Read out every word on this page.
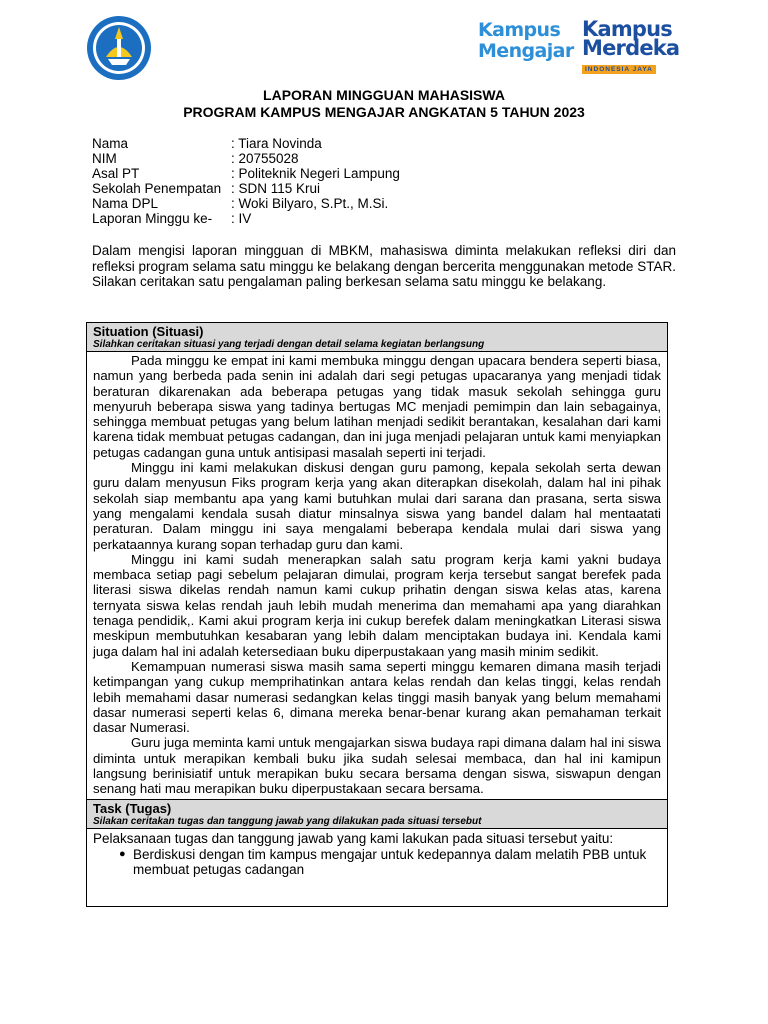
Kampus
Mengajar
Kampus
Merdeka
INDONESIA JAYA
LAPORAN MINGGUAN MAHASISWA
PROGRAM KAMPUS MENGAJAR ANGKATAN 5 TAHUN 2023
Nama	: Tiara Novinda
NIM	: 20755028
Asal PT	: Politeknik Negeri Lampung
Sekolah Penempatan : SDN 115 Krui
Nama DPL	: Woki Bilyaro, S.Pt., M.Si.
Laporan Minggu ke-	: IV
Dalam mengisi laporan mingguan di MBKM, mahasiswa diminta melakukan refleksi diri dan refleksi program selama satu minggu ke belakang dengan bercerita menggunakan metode STAR. Silakan ceritakan satu pengalaman paling berkesan selama satu minggu ke belakang.
Situation (Situasi)
Silahkan ceritakan situasi yang terjadi dengan detail selama kegiatan berlangsung

Pada minggu ke empat ini kami membuka minggu dengan upacara bendera seperti biasa, namun yang berbeda pada senin ini adalah dari segi petugas upacaranya yang menjadi tidak beraturan dikarenakan ada beberapa petugas yang tidak masuk sekolah sehingga guru menyuruh beberapa siswa yang tadinya bertugas MC menjadi pemimpin dan lain sebagainya, sehingga membuat petugas yang belum latihan menjadi sedikit berantakan, kesalahan dari kami karena tidak membuat petugas cadangan, dan ini juga menjadi pelajaran untuk kami menyiapkan petugas cadangan guna untuk antisipasi masalah seperti ini terjadi.

Minggu ini kami melakukan diskusi dengan guru pamong, kepala sekolah serta dewan guru dalam menyusun Fiks program kerja yang akan diterapkan disekolah, dalam hal ini pihak sekolah siap membantu apa yang kami butuhkan mulai dari sarana dan prasana, serta siswa yang mengalami kendala susah diatur minsalnya siswa yang bandel dalam hal mentaatati peraturan. Dalam minggu ini saya mengalami beberapa kendala mulai dari siswa yang perkataannya kurang sopan terhadap guru dan kami.

Minggu ini kami sudah menerapkan salah satu program kerja kami yakni budaya membaca setiap pagi sebelum pelajaran dimulai, program kerja tersebut sangat berefek pada literasi siswa dikelas rendah namun kami cukup prihatin dengan siswa kelas atas, karena ternyata siswa kelas rendah jauh lebih mudah menerima dan memahami apa yang diarahkan tenaga pendidik,. Kami akui program kerja ini cukup berefek dalam meningkatkan Literasi siswa meskipun membutuhkan kesabaran yang lebih dalam menciptakan budaya ini. Kendala kami juga dalam hal ini adalah ketersediaan buku diperpustakaan yang masih minim sedikit.

Kemampuan numerasi siswa masih sama seperti minggu kemaren dimana masih terjadi ketimpangan yang cukup memprihatinkan antara kelas rendah dan kelas tinggi, kelas rendah lebih memahami dasar numerasi sedangkan kelas tinggi masih banyak yang belum memahami dasar numerasi seperti kelas 6, dimana mereka benar-benar kurang akan pemahaman terkait dasar Numerasi.

Guru juga meminta kami untuk mengajarkan siswa budaya rapi dimana dalam hal ini siswa diminta untuk merapikan kembali buku jika sudah selesai membaca, dan hal ini kamipun langsung berinisiatif untuk merapikan buku secara bersama dengan siswa, siswapun dengan senang hati mau merapikan buku diperpustakaan secara bersama.

Task (Tugas)
Silakan ceritakan tugas dan tanggung jawab yang dilakukan pada situasi tersebut

Pelaksanaan tugas dan tanggung jawab yang kami lakukan pada situasi tersebut yaitu:

● Berdiskusi dengan tim kampus mengajar untuk kedepannya dalam melatih PBB untuk membuat petugas cadangan
